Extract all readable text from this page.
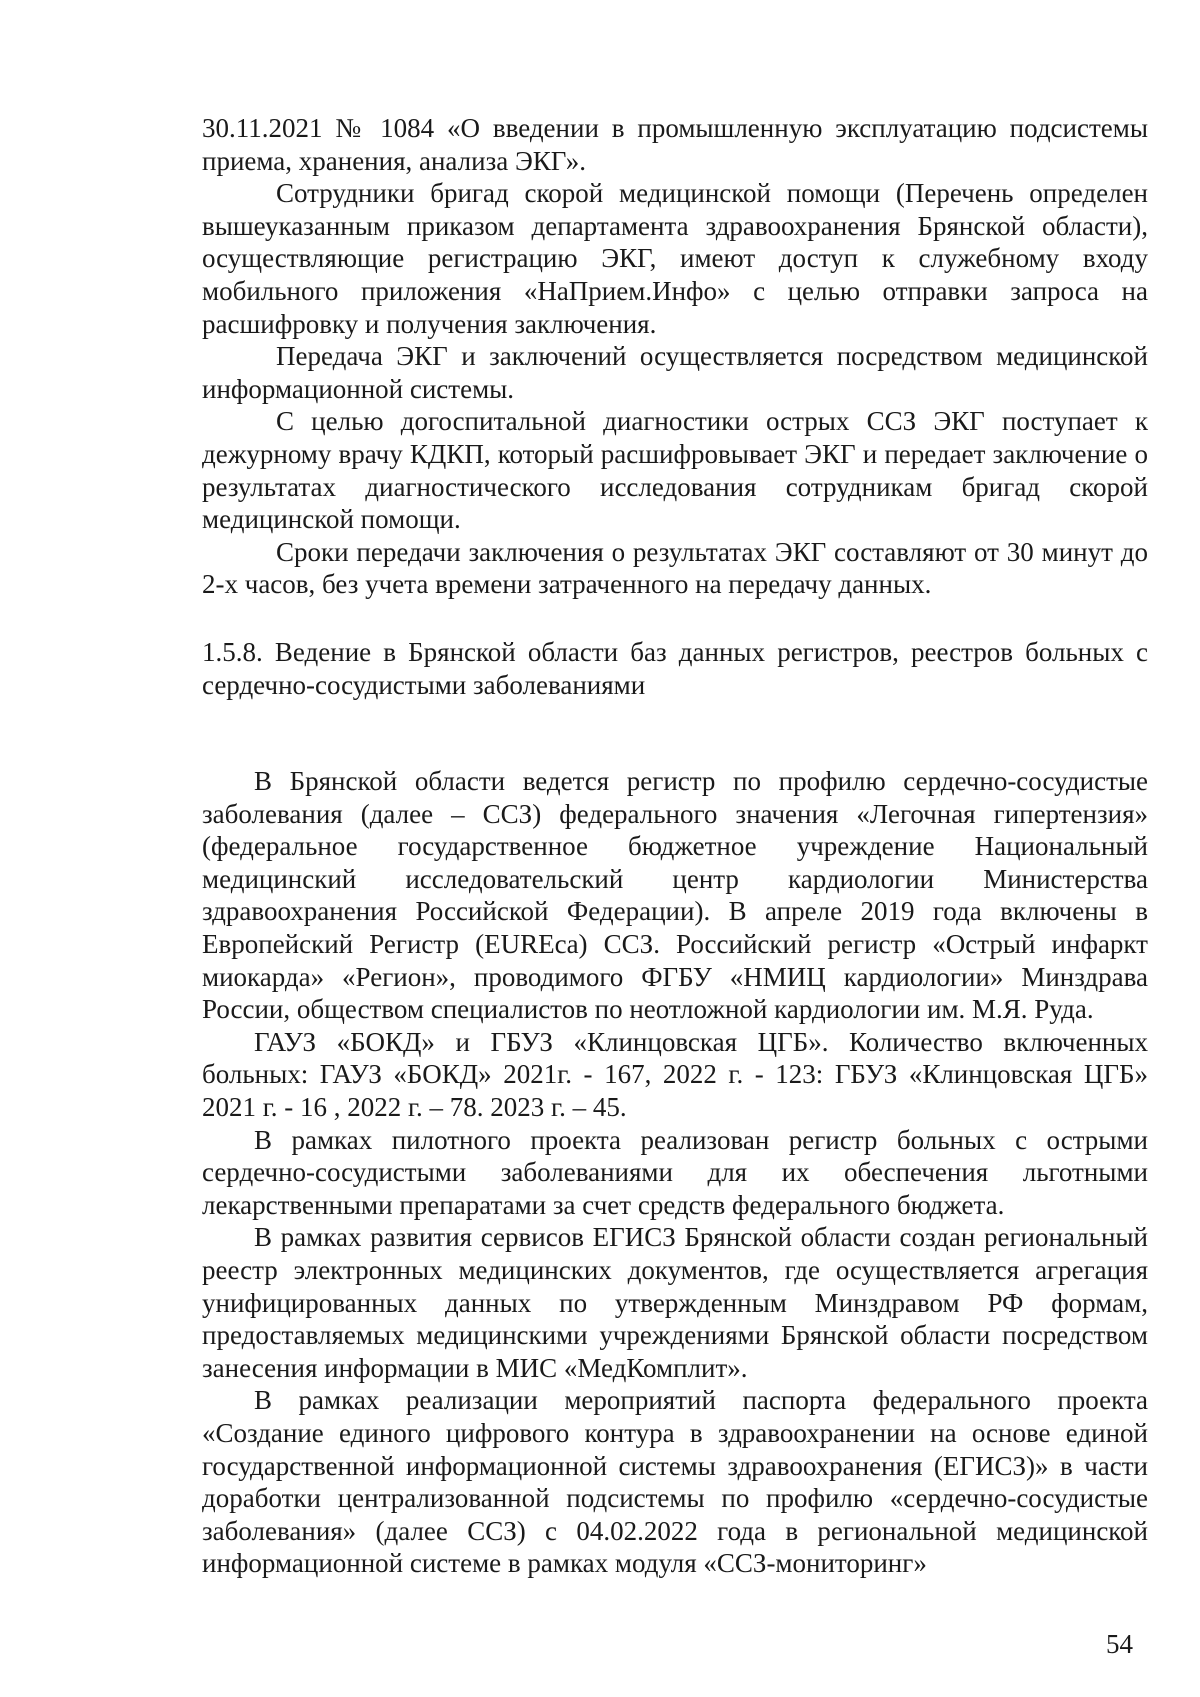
30.11.2021 № 1084 «О введении в промышленную эксплуатацию подсистемы приема, хранения, анализа ЭКГ».

Сотрудники бригад скорой медицинской помощи (Перечень определен вышеуказанным приказом департамента здравоохранения Брянской области), осуществляющие регистрацию ЭКГ, имеют доступ к служебному входу мобильного приложения «НаПрием.Инфо» с целью отправки запроса на расшифровку и получения заключения.

Передача ЭКГ и заключений осуществляется посредством медицинской информационной системы.

С целью догоспитальной диагностики острых ССЗ ЭКГ поступает к дежурному врачу КДКП, который расшифровывает ЭКГ и передает заключение о результатах диагностического исследования сотрудникам бригад скорой медицинской помощи.

Сроки передачи заключения о результатах ЭКГ составляют от 30 минут до 2-х часов, без учета времени затраченного на передачу данных.

1.5.8. Ведение в Брянской области баз данных регистров, реестров больных с сердечно-сосудистыми заболеваниями

В Брянской области ведется регистр по профилю сердечно-сосудистые заболевания (далее – ССЗ) федерального значения «Легочная гипертензия» (федеральное государственное бюджетное учреждение Национальный медицинский исследовательский центр кардиологии Министерства здравоохранения Российской Федерации). В апреле 2019 года включены в Европейский Регистр (EUREca) ССЗ. Российский регистр «Острый инфаркт миокарда» «Регион», проводимого ФГБУ «НМИЦ кардиологии» Минздрава России, обществом специалистов по неотложной кардиологии им. М.Я. Руда.

ГАУЗ «БОКД» и ГБУЗ «Клинцовская ЦГБ». Количество включенных больных: ГАУЗ «БОКД» 2021г. - 167, 2022 г. - 123: ГБУЗ «Клинцовская ЦГБ» 2021 г. - 16 , 2022 г. – 78. 2023 г. – 45.

В рамках пилотного проекта реализован регистр больных с острыми сердечно-сосудистыми заболеваниями для их обеспечения льготными лекарственными препаратами за счет средств федерального бюджета.

В рамках развития сервисов ЕГИСЗ Брянской области создан региональный реестр электронных медицинских документов, где осуществляется агрегация унифицированных данных по утвержденным Минздравом РФ формам, предоставляемых медицинскими учреждениями Брянской области посредством занесения информации в МИС «МедКомплит».

В рамках реализации мероприятий паспорта федерального проекта «Создание единого цифрового контура в здравоохранении на основе единой государственной информационной системы здравоохранения (ЕГИСЗ)» в части доработки централизованной подсистемы по профилю «сердечно-сосудистые заболевания» (далее ССЗ) с 04.02.2022 года в региональной медицинской информационной системе в рамках модуля «ССЗ-мониторинг»

54
